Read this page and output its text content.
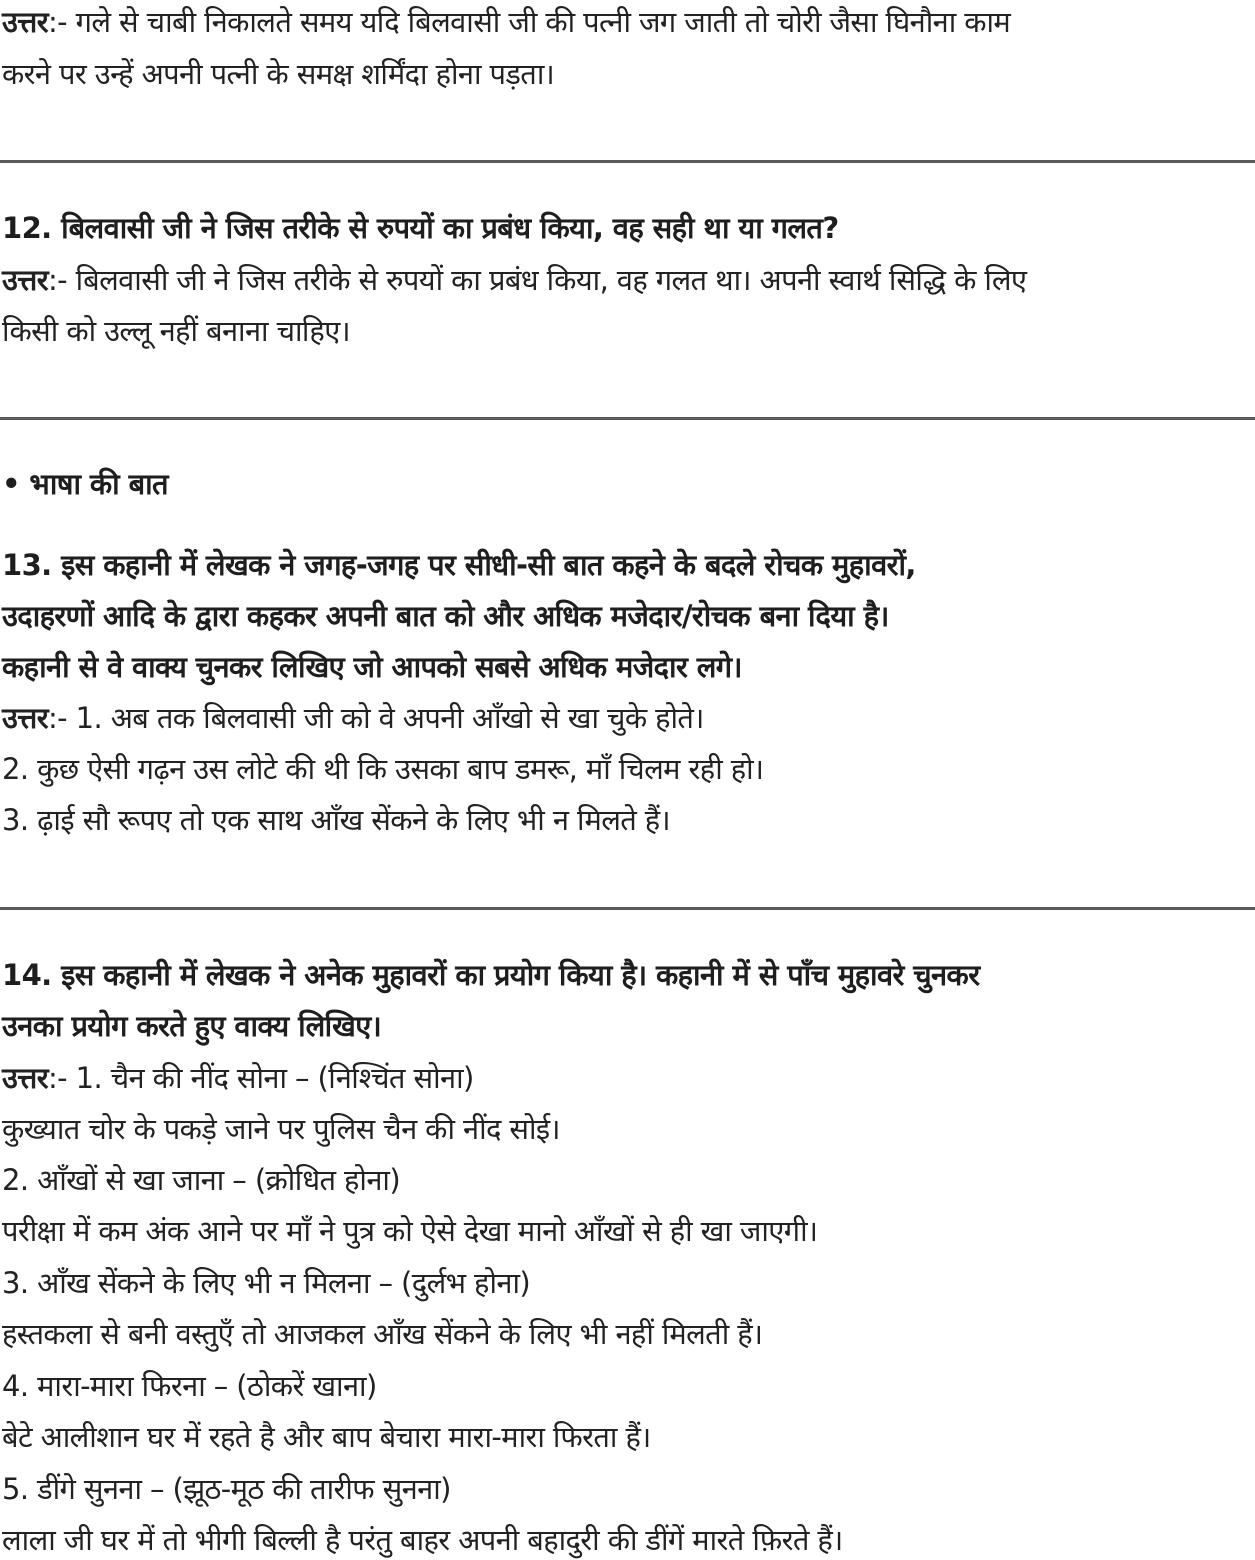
उत्तर:- गले से चाबी निकालते समय यदि बिलवासी जी की पत्नी जग जाती तो चोरी जैसा घिनौना काम
करने पर उन्हें अपनी पत्नी के समक्ष शर्मिंदा होना पड़ता।
12. बिलवासी जी ने जिस तरीके से रुपयों का प्रबंध किया, वह सही था या गलत?
उत्तर:- बिलवासी जी ने जिस तरीके से रुपयों का प्रबंध किया, वह गलत था। अपनी स्वार्थ सिद्धि के लिए
किसी को उल्लू नहीं बनाना चाहिए।
• भाषा की बात
13. इस कहानी में लेखक ने जगह-जगह पर सीधी-सी बात कहने के बदले रोचक मुहावरों,
उदाहरणों आदि के द्वारा कहकर अपनी बात को और अधिक मजेदार/रोचक बना दिया है।
कहानी से वे वाक्य चुनकर लिखिए जो आपको सबसे अधिक मजेदार लगे।
उत्तर:- 1. अब तक बिलवासी जी को वे अपनी आँखो से खा चुके होते।
2. कुछ ऐसी गढ़न उस लोटे की थी कि उसका बाप डमरू, माँ चिलम रही हो।
3. ढ़ाई सौ रूपए तो एक साथ आँख सेंकने के लिए भी न मिलते हैं।
14. इस कहानी में लेखक ने अनेक मुहावरों का प्रयोग किया है। कहानी में से पाँच मुहावरे चुनकर
उनका प्रयोग करते हुए वाक्य लिखिए।
उत्तर:- 1. चैन की नींद सोना – (निश्चिंत सोना)
कुख्यात चोर के पकड़े जाने पर पुलिस चैन की नींद सोई।
2. आँखों से खा जाना – (क्रोधित होना)
परीक्षा में कम अंक आने पर माँ ने पुत्र को ऐसे देखा मानो आँखों से ही खा जाएगी।
3. आँख सेंकने के लिए भी न मिलना – (दुर्लभ होना)
हस्तकला से बनी वस्तुएँ तो आजकल आँख सेंकने के लिए भी नहीं मिलती हैं।
4. मारा-मारा फिरना – (ठोकरें खाना)
बेटे आलीशान घर में रहते है और बाप बेचारा मारा-मारा फिरता हैं।
5. डींगे सुनना – (झूठ-मूठ की तारीफ सुनना)
लाला जी घर में तो भीगी बिल्ली है परंतु बाहर अपनी बहादुरी की डींगें मारते फ़िरते हैं।
